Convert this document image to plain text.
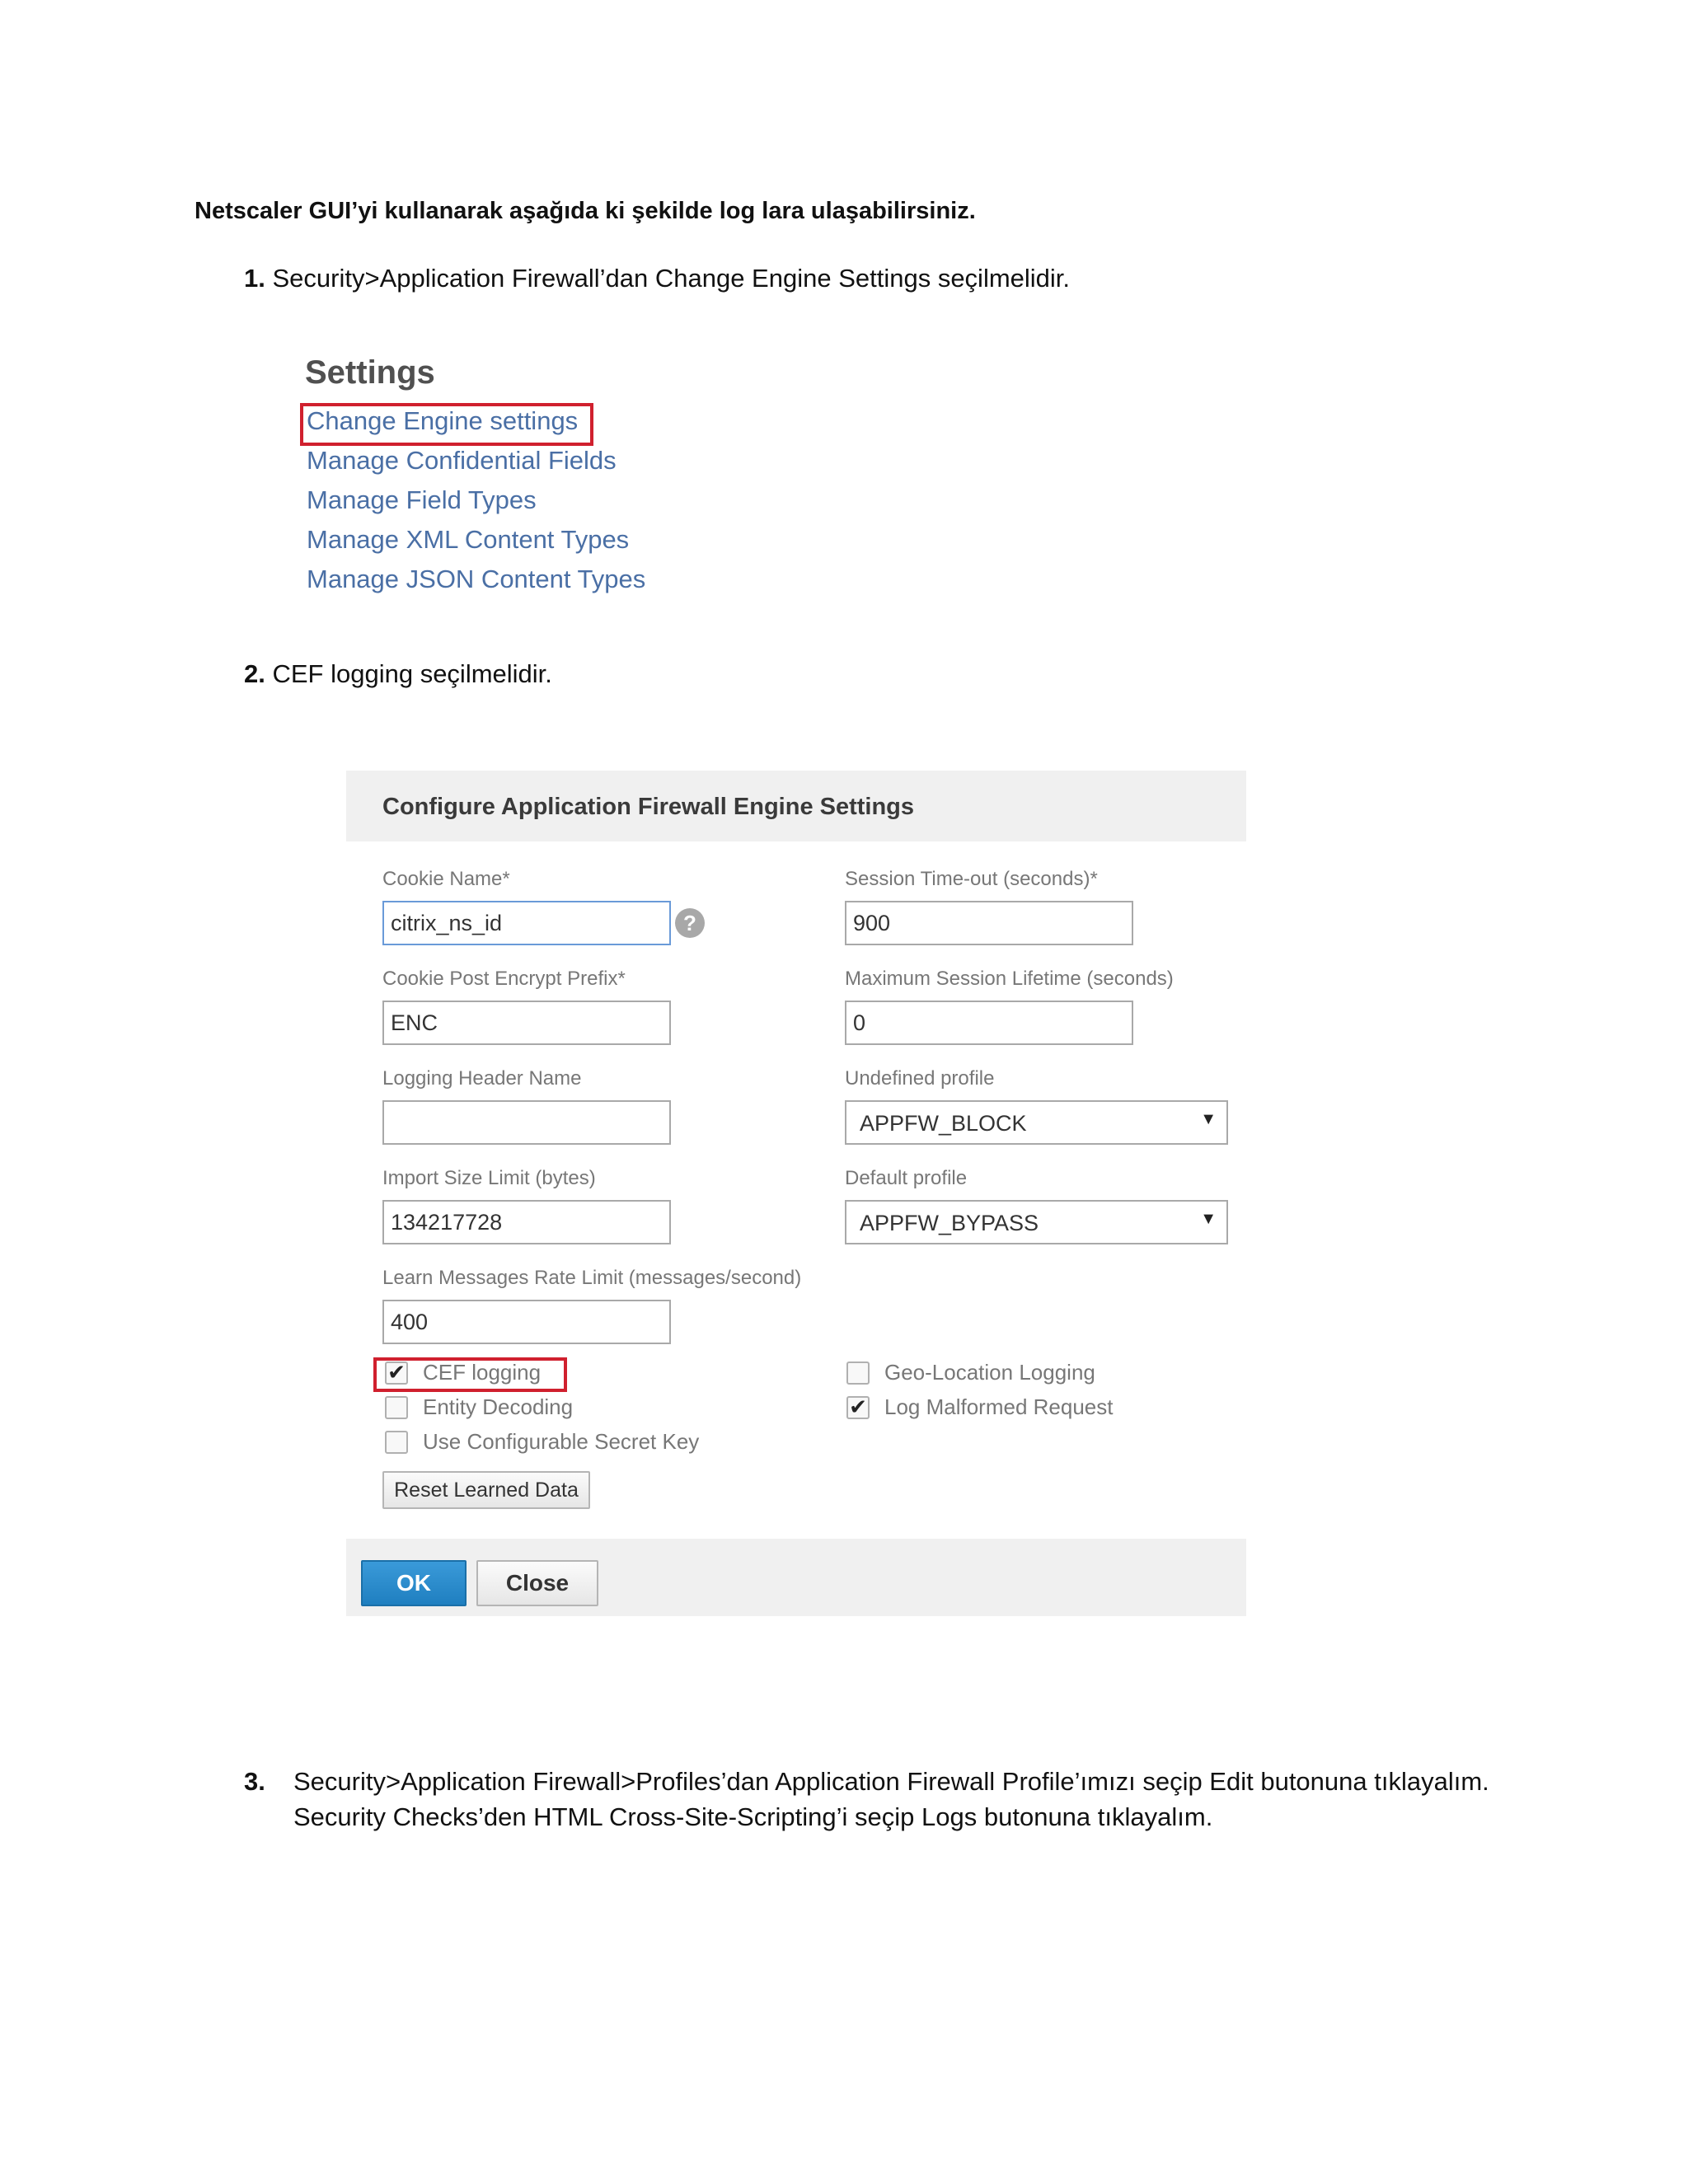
Netscaler GUI’yi kullanarak aşağıda ki şekilde log lara ulaşabilirsiniz.
1. Security>Application Firewall’dan Change Engine Settings seçilmelidir.
Settings
Change Engine settings
Manage Confidential Fields
Manage Field Types
Manage XML Content Types
Manage JSON Content Types
2. CEF logging seçilmelidir.
Configure Application Firewall Engine Settings
Cookie Name*
citrix_ns_id
?
Cookie Post Encrypt Prefix*
ENC
Logging Header Name
Import Size Limit (bytes)
134217728
Learn Messages Rate Limit (messages/second)
400
Session Time-out (seconds)*
900
Maximum Session Lifetime (seconds)
0
Undefined profile
APPFW_BLOCK	▼
Default profile
APPFW_BYPASS	▼
✔ CEF logging
Entity Decoding
Use Configurable Secret Key
Geo-Location Logging
✔ Log Malformed Request
Reset Learned Data
OK	Close
3. Security>Application Firewall>Profiles’dan Application Firewall Profile’ımızı seçip Edit butonuna tıklayalım.
Security Checks’den HTML Cross-Site-Scripting’i seçip Logs butonuna tıklayalım.
